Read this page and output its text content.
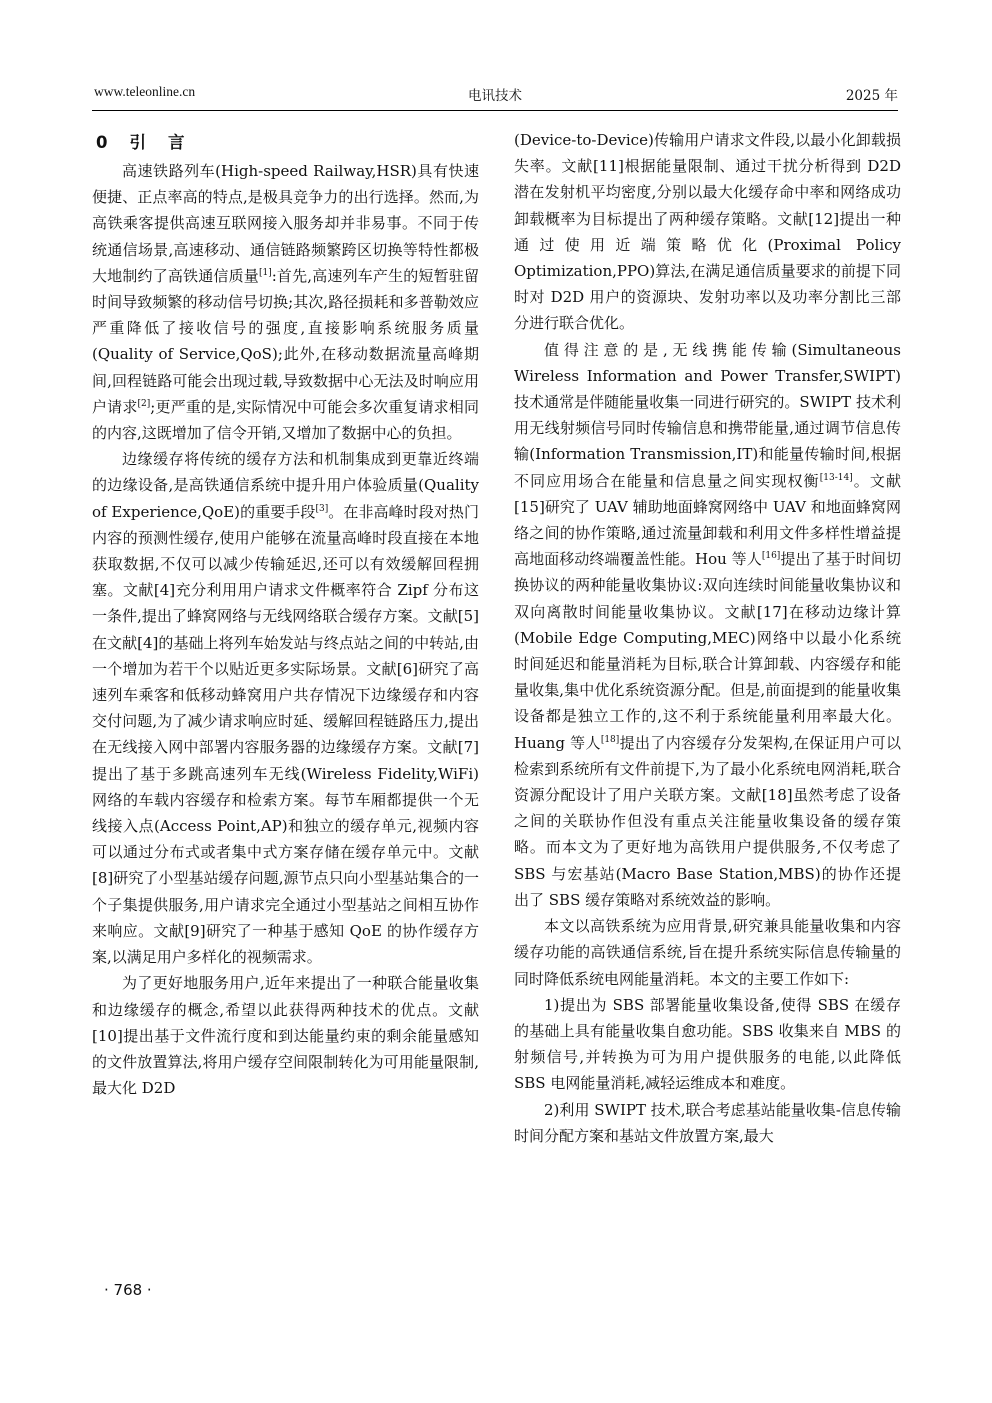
www.teleonline.cn	电讯技术	2025 年
0 引言

高速铁路列车(High-speed Railway,HSR)具有快速便捷、正点率高的特点,是极具竞争力的出行选择。然而,为高铁乘客提供高速互联网接入服务却并非易事。不同于传统通信场景,高速移动、通信链路频繁跨区切换等特性都极大地制约了高铁通信质量[1]:首先,高速列车产生的短暂驻留时间导致频繁的移动信号切换;其次,路径损耗和多普勒效应严重降低了接收信号的强度,直接影响系统服务质量(Quality of Service,QoS);此外,在移动数据流量高峰期间,回程链路可能会出现过载,导致数据中心无法及时响应用户请求[2];更严重的是,实际情况中可能会多次重复请求相同的内容,这既增加了信令开销,又增加了数据中心的负担。

边缘缓存将传统的缓存方法和机制集成到更靠近终端的边缘设备,是高铁通信系统中提升用户体验质量(Quality of Experience,QoE)的重要手段[3]。在非高峰时段对热门内容的预测性缓存,使用户能够在流量高峰时段直接在本地获取数据,不仅可以减少传输延迟,还可以有效缓解回程拥塞。文献[4]充分利用用户请求文件概率符合 Zipf 分布这一条件,提出了蜂窝网络与无线网络联合缓存方案。文献[5]在文献[4]的基础上将列车始发站与终点站之间的中转站,由一个增加为若干个以贴近更多实际场景。文献[6]研究了高速列车乘客和低移动蜂窝用户共存情况下边缘缓存和内容交付问题,为了减少请求响应时延、缓解回程链路压力,提出在无线接入网中部署内容服务器的边缘缓存方案。文献[7]提出了基于多跳高速列车无线(Wireless Fidelity,WiFi)网络的车载内容缓存和检索方案。每节车厢都提供一个无线接入点(Access Point,AP)和独立的缓存单元,视频内容可以通过分布式或者集中式方案存储在缓存单元中。文献[8]研究了小型基站缓存问题,源节点只向小型基站集合的一个子集提供服务,用户请求完全通过小型基站之间相互协作来响应。文献[9]研究了一种基于感知 QoE 的协作缓存方案,以满足用户多样化的视频需求。

为了更好地服务用户,近年来提出了一种联合能量收集和边缘缓存的概念,希望以此获得两种技术的优点。文献[10]提出基于文件流行度和到达能量约束的剩余能量感知的文件放置算法,将用户缓存空间限制转化为可用能量限制,最大化 D2D

(Device-to-Device)传输用户请求文件段,以最小化卸载损失率。文献[11]根据能量限制、通过干扰分析得到 D2D 潜在发射机平均密度,分别以最大化缓存命中率和网络成功卸载概率为目标提出了两种缓存策略。文献[12]提出一种通过使用近端策略优化(Proximal Policy Optimization,PPO)算法,在满足通信质量要求的前提下同时对 D2D 用户的资源块、发射功率以及功率分割比三部分进行联合优化。

值得注意的是,无线携能传输(Simultaneous Wireless Information and Power Transfer,SWIPT)技术通常是伴随能量收集一同进行研究的。SWIPT 技术利用无线射频信号同时传输信息和携带能量,通过调节信息传输(Information Transmission,IT)和能量传输时间,根据不同应用场合在能量和信息量之间实现权衡[13-14]。文献[15]研究了 UAV 辅助地面蜂窝网络中 UAV 和地面蜂窝网络之间的协作策略,通过流量卸载和利用文件多样性增益提高地面移动终端覆盖性能。Hou 等人[16]提出了基于时间切换协议的两种能量收集协议:双向连续时间能量收集协议和双向离散时间能量收集协议。文献[17]在移动边缘计算(Mobile Edge Computing,MEC)网络中以最小化系统时间延迟和能量消耗为目标,联合计算卸载、内容缓存和能量收集,集中优化系统资源分配。但是,前面提到的能量收集设备都是独立工作的,这不利于系统能量利用率最大化。Huang 等人[18]提出了内容缓存分发架构,在保证用户可以检索到系统所有文件前提下,为了最小化系统电网消耗,联合资源分配设计了用户关联方案。文献[18]虽然考虑了设备之间的关联协作但没有重点关注能量收集设备的缓存策略。而本文为了更好地为高铁用户提供服务,不仅考虑了 SBS 与宏基站(Macro Base Station,MBS)的协作还提出了 SBS 缓存策略对系统效益的影响。

本文以高铁系统为应用背景,研究兼具能量收集和内容缓存功能的高铁通信系统,旨在提升系统实际信息传输量的同时降低系统电网能量消耗。本文的主要工作如下:

1)提出为 SBS 部署能量收集设备,使得 SBS 在缓存的基础上具有能量收集自愈功能。SBS 收集来自 MBS 的射频信号,并转换为可为用户提供服务的电能,以此降低 SBS 电网能量消耗,减轻运维成本和难度。

2)利用 SWIPT 技术,联合考虑基站能量收集-信息传输时间分配方案和基站文件放置方案,最大

· 768 ·
